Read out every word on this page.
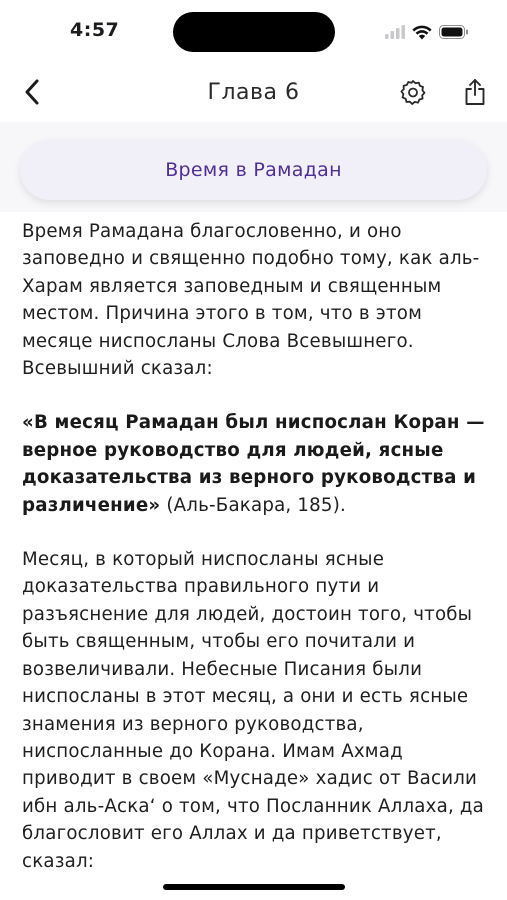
4:57
Глава 6
Время в Рамадан

Время Рамадана благословенно, и оно заповедно и священно подобно тому, как аль-Харам является заповедным и священным местом. Причина этого в том, что в этом месяце ниспосланы Слова Всевышнего. Всевышний сказал:

«В месяц Рамадан был ниспослан Коран — верное руководство для людей, ясные доказательства из верного руководства и различение» (Аль-Бакара, 185).

Месяц, в который ниспосланы ясные доказательства правильного пути и разъяснение для людей, достоин того, чтобы быть священным, чтобы его почитали и возвеличивали. Небесные Писания были ниспосланы в этот месяц, а они и есть ясные знамения из верного руководства, ниспосланные до Корана. Имам Ахмад приводит в своем «Муснаде» хадис от Васили ибн аль-Аска‘ о том, что Посланник Аллаха, да благословит его Аллах и да приветствует, сказал:
